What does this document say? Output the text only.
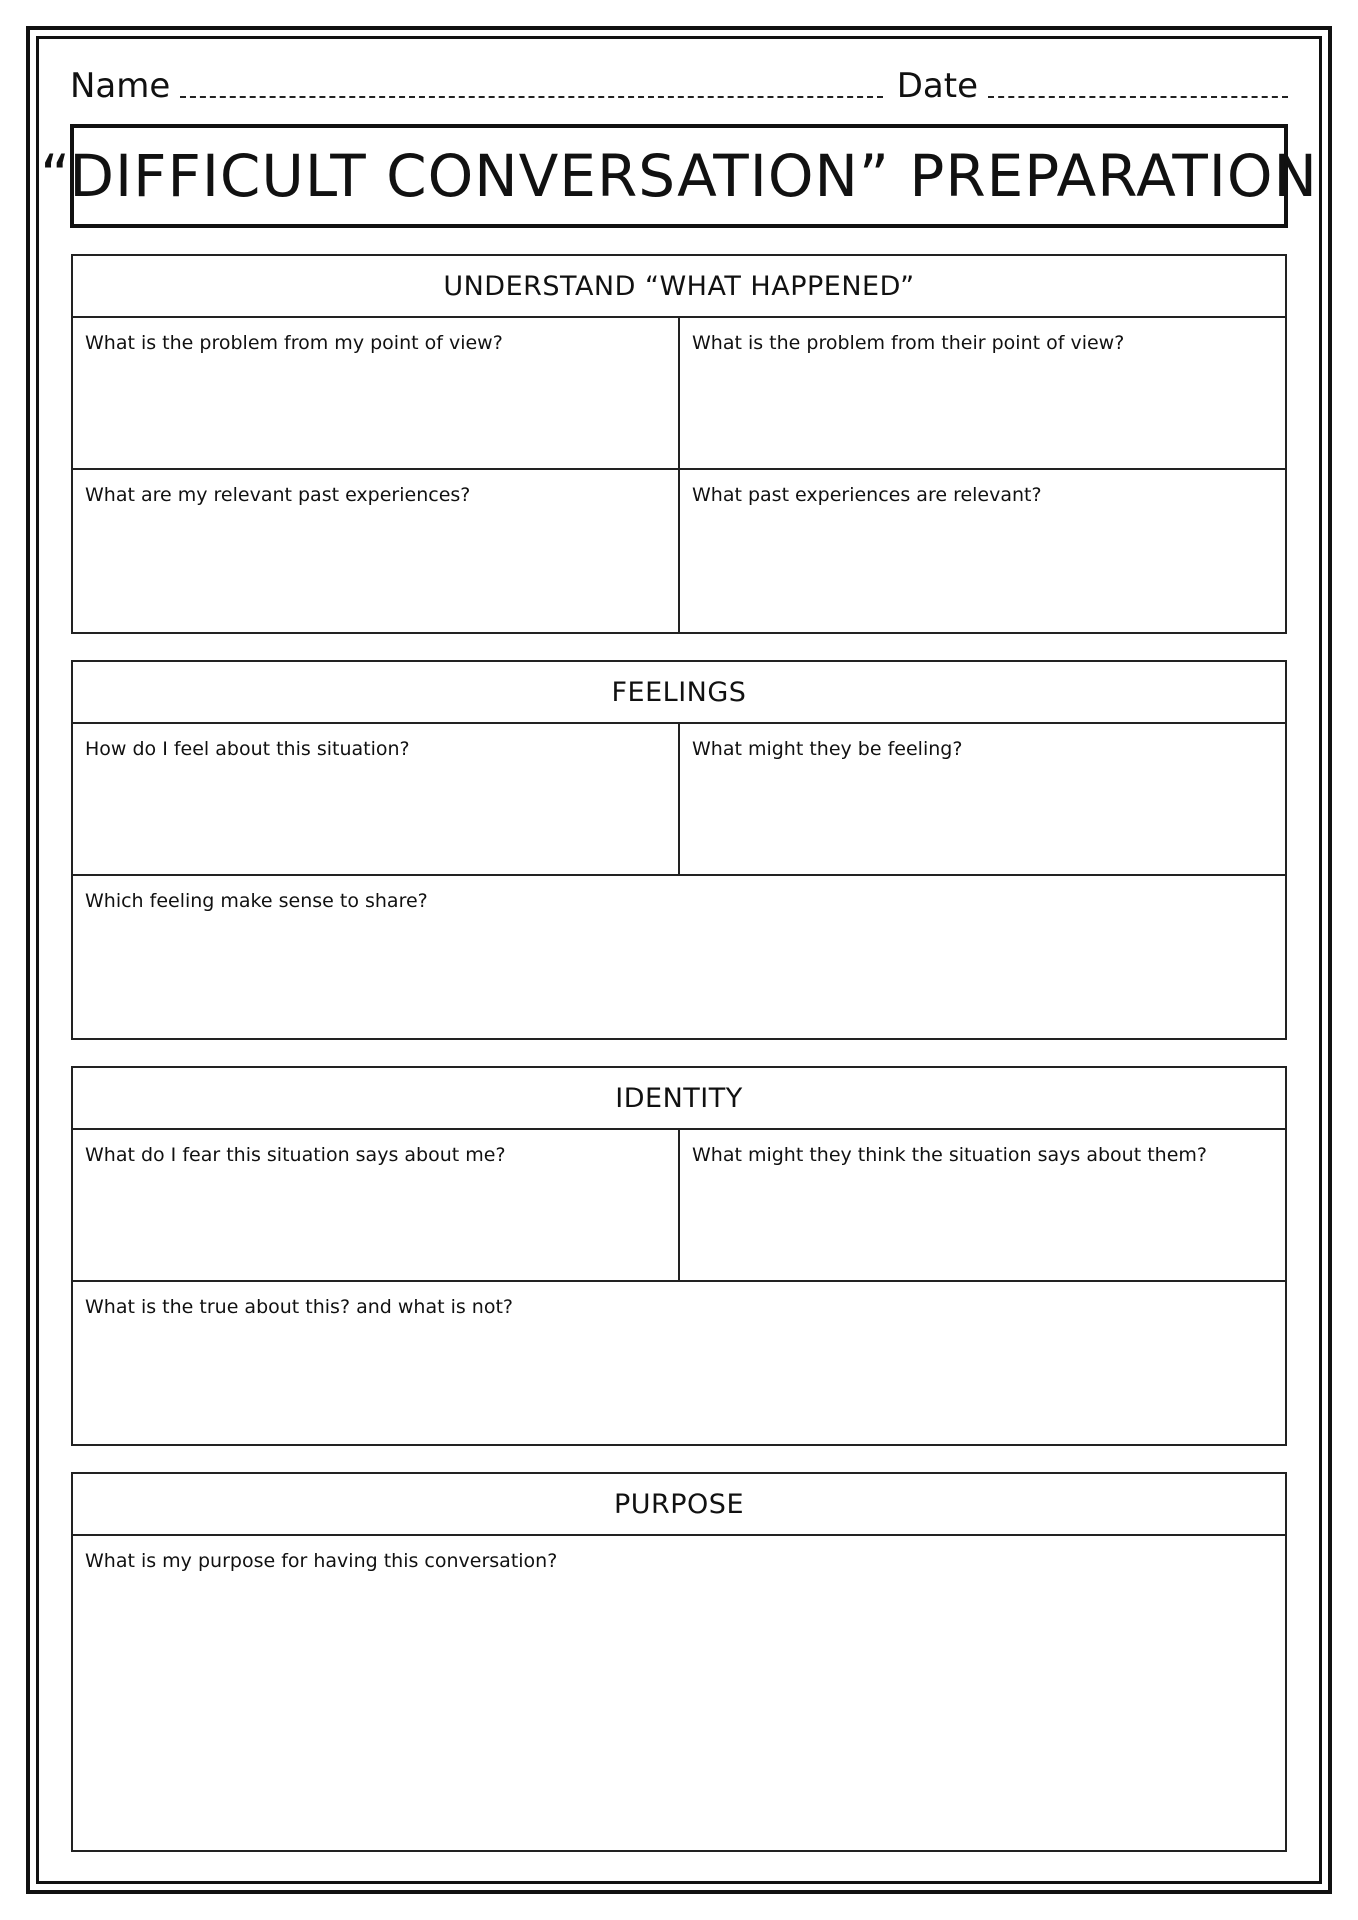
Name	Date
“DIFFICULT CONVERSATION” PREPARATION
UNDERSTAND “WHAT HAPPENED”
What is the problem from my point of view?	What is the problem from their point of view?
What are my relevant past experiences?	What past experiences are relevant?
FEELINGS
How do I feel about this situation?	What might they be feeling?
Which feeling make sense to share?
IDENTITY
What do I fear this situation says about me?	What might they think the situation says about them?
What is the true about this? and what is not?
PURPOSE
What is my purpose for having this conversation?
